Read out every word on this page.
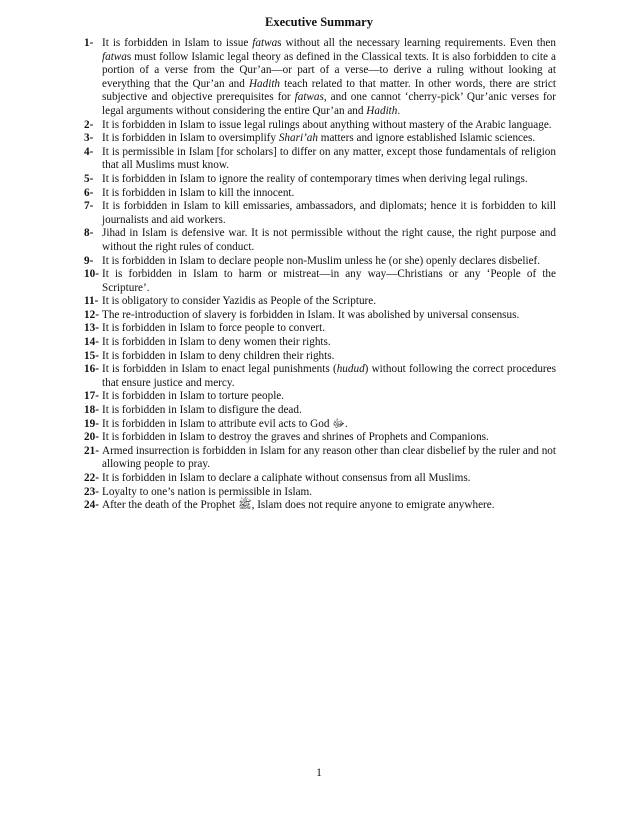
Executive Summary
1- It is forbidden in Islam to issue fatwas without all the necessary learning requirements. Even then fatwas must follow Islamic legal theory as defined in the Classical texts. It is also forbidden to cite a portion of a verse from the Qur’an—or part of a verse—to derive a ruling without looking at everything that the Qur’an and Hadith teach related to that matter. In other words, there are strict subjective and objective prerequisites for fatwas, and one cannot ‘cherry-pick’ Qur’anic verses for legal arguments without considering the entire Qur’an and Hadith.
2- It is forbidden in Islam to issue legal rulings about anything without mastery of the Arabic language.
3- It is forbidden in Islam to oversimplify Shari’ah matters and ignore established Islamic sciences.
4- It is permissible in Islam [for scholars] to differ on any matter, except those fundamentals of religion that all Muslims must know.
5- It is forbidden in Islam to ignore the reality of contemporary times when deriving legal rulings.
6- It is forbidden in Islam to kill the innocent.
7- It is forbidden in Islam to kill emissaries, ambassadors, and diplomats; hence it is forbidden to kill journalists and aid workers.
8- Jihad in Islam is defensive war. It is not permissible without the right cause, the right purpose and without the right rules of conduct.
9- It is forbidden in Islam to declare people non-Muslim unless he (or she) openly declares disbelief.
10- It is forbidden in Islam to harm or mistreat—in any way—Christians or any ‘People of the Scripture’.
11- It is obligatory to consider Yazidis as People of the Scripture.
12- The re-introduction of slavery is forbidden in Islam. It was abolished by universal consensus.
13- It is forbidden in Islam to force people to convert.
14- It is forbidden in Islam to deny women their rights.
15- It is forbidden in Islam to deny children their rights.
16- It is forbidden in Islam to enact legal punishments (hudud) without following the correct procedures that ensure justice and mercy.
17- It is forbidden in Islam to torture people.
18- It is forbidden in Islam to disfigure the dead.
19- It is forbidden in Islam to attribute evil acts to God ﷻ.
20- It is forbidden in Islam to destroy the graves and shrines of Prophets and Companions.
21- Armed insurrection is forbidden in Islam for any reason other than clear disbelief by the ruler and not allowing people to pray.
22- It is forbidden in Islam to declare a caliphate without consensus from all Muslims.
23- Loyalty to one’s nation is permissible in Islam.
24- After the death of the Prophet ﷺ, Islam does not require anyone to emigrate anywhere.
1
